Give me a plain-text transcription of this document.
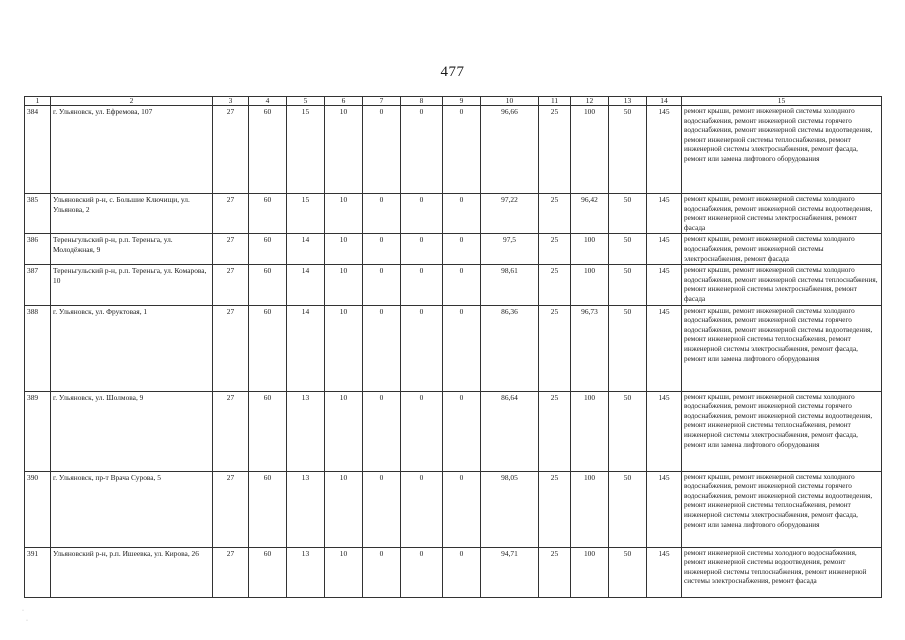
477
1	2	3	4	5	6	7	8	9	10	11	12	13	14	15
384	г. Ульяновск, ул. Ефремова, 107	27	60	15	10	0	0	0	96,66	25	100	50	145	ремонт крыши, ремонт инженерной системы холодного водоснабжения, ремонт инженерной системы горячего водоснабжения, ремонт инженерной системы водоотведения, ремонт инженерной системы теплоснабжения, ремонт инженерной системы электроснабжения, ремонт фасада, ремонт или замена лифтового оборудования
385	Ульяновский р-н, с. Большие Ключищи, ул. Ульянова, 2	27	60	15	10	0	0	0	97,22	25	96,42	50	145	ремонт крыши, ремонт инженерной системы холодного водоснабжения, ремонт инженерной системы водоотведения, ремонт инженерной системы электроснабжения, ремонт фасада
386	Тереньгульский р-н, р.п. Тереньга, ул. Молодёжная, 9	27	60	14	10	0	0	0	97,5	25	100	50	145	ремонт крыши, ремонт инженерной системы холодного водоснабжения, ремонт инженерной системы электроснабжения, ремонт фасада
387	Тереньгульский р-н, р.п. Тереньга, ул. Комарова, 10	27	60	14	10	0	0	0	98,61	25	100	50	145	ремонт крыши, ремонт инженерной системы холодного водоснабжения, ремонт инженерной системы теплоснабжения, ремонт инженерной системы электроснабжения, ремонт фасада
388	г. Ульяновск, ул. Фруктовая, 1	27	60	14	10	0	0	0	86,36	25	96,73	50	145	ремонт крыши, ремонт инженерной системы холодного водоснабжения, ремонт инженерной системы горячего водоснабжения, ремонт инженерной системы водоотведения, ремонт инженерной системы теплоснабжения, ремонт инженерной системы электроснабжения, ремонт фасада, ремонт или замена лифтового оборудования
389	г. Ульяновск, ул. Шолмова, 9	27	60	13	10	0	0	0	86,64	25	100	50	145	ремонт крыши, ремонт инженерной системы холодного водоснабжения, ремонт инженерной системы горячего водоснабжения, ремонт инженерной системы водоотведения, ремонт инженерной системы теплоснабжения, ремонт инженерной системы электроснабжения, ремонт фасада, ремонт или замена лифтового оборудования
390	г. Ульяновск, пр-т Врача Сурова, 5	27	60	13	10	0	0	0	98,05	25	100	50	145	ремонт крыши, ремонт инженерной системы холодного водоснабжения, ремонт инженерной системы горячего водоснабжения, ремонт инженерной системы водоотведения, ремонт инженерной системы теплоснабжения, ремонт инженерной системы электроснабжения, ремонт фасада, ремонт или замена лифтового оборудования
391	Ульяновский р-н, р.п. Ишеевка, ул. Кирова, 26	27	60	13	10	0	0	0	94,71	25	100	50	145	ремонт инженерной системы холодного водоснабжения, ремонт инженерной системы водоотведения, ремонт инженерной системы теплоснабжения, ремонт инженерной системы электроснабжения, ремонт фасада
·
·
